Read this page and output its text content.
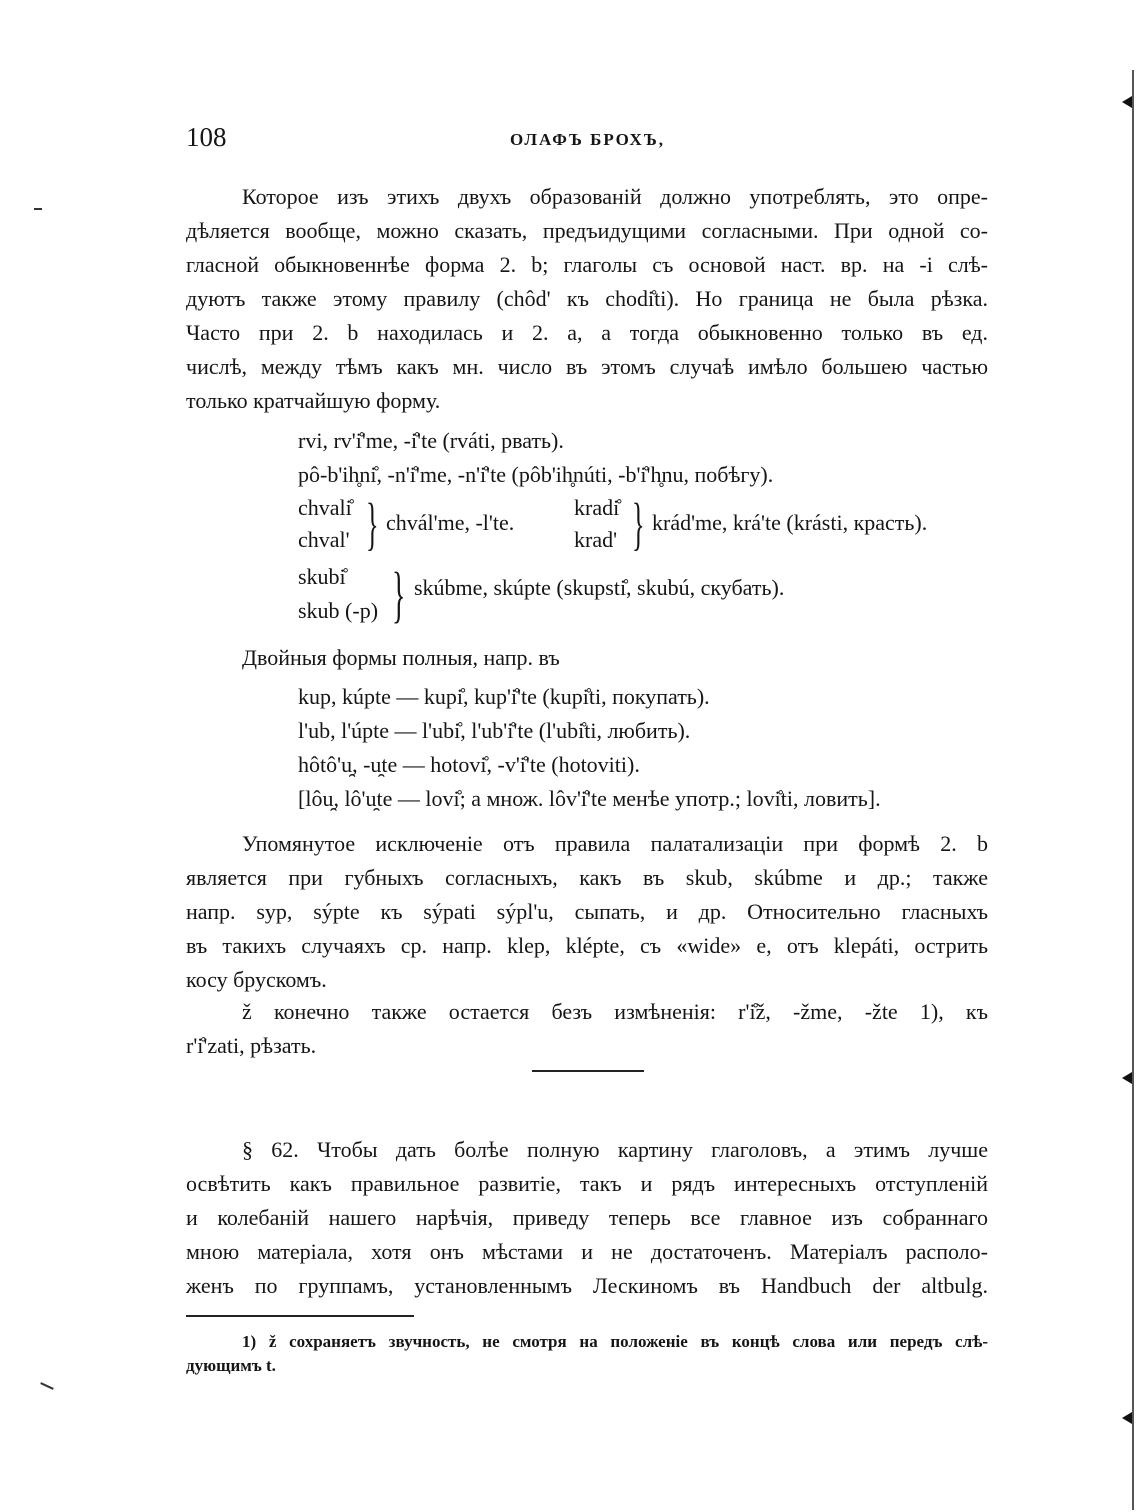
108	ОЛАФЪ БРОХЪ,
Которое изъ этихъ двухъ образованій должно употреблять, это опре-
дѣляется вообще, можно сказать, предъидущими согласными. При одной со-
гласной обыкновеннѣе форма 2. b; глаголы съ основой наст. вр. на -i слѣ-
дуютъ также этому правилу (chôd' къ chodi̊ti). Но граница не была рѣзка.
Часто при 2. b находилась и 2. a, а тогда обыкновенно только въ ед.
числѣ, между тѣмъ какъ мн. число въ этомъ случаѣ имѣло большею частью
только кратчайшую форму.
rvi, rv'i̊'me, -i̊'te (rváti, рвать).
pô-b'ih̥ni̊, -n'i̊'me, -n'i̊'te (pôb'ih̥núti, -b'i̊'h̥nu, побѣгу).
chvali̊
chval' } chvál'me, -l'te.
kradi̊
krad' } krád'me, krá'te (krásti, красть).
skubi̊
skub (-p) } skúbme, skúpte (skupsti̊, skubú, скубать).
Двойныя формы полныя, напр. въ
kup, kúpte — kupi̊, kup'i̊'te (kupi̊ti, покупать).
l'ub, l'úpte — l'ubi̊, l'ub'i̊'te (l'ubi̊ti, любить).
hôtô'u̯, -u̯te — hotovi̊, -v'i̊'te (hotoviti).
[lôu̯, lô'u̯te — lovi̊; а множ. lôv'i̊'te менѣе употр.; lovi̊ti, ловить].
Упомянутое исключеніе отъ правила палатализаціи при формѣ 2. b
является при губныхъ согласныхъ, какъ въ skub, skúbme и др.; также
напр. syp, sýpte къ sýpati sýpl'u, сыпать, и др. Относительно гласныхъ
въ такихъ случаяхъ ср. напр. klep, klépte, съ «wide» e, отъ klepáti, острить
косу брускомъ.
ž конечно также остается безъ измѣненія: r'i̊ž, -žme, -žte 1), къ
r'i̊'zati, рѣзать.
§ 62. Чтобы дать болѣе полную картину глаголовъ, а этимъ лучше
освѣтить какъ правильное развитіе, такъ и рядъ интересныхъ отступленій
и колебаній нашего нарѣчія, приведу теперь все главное изъ собраннаго
мною матеріала, хотя онъ мѣстами и не достаточенъ. Матеріалъ располо-
женъ по группамъ, установленнымъ Лескиномъ въ Handbuch der altbulg.
1) ž сохраняетъ звучность, не смотря на положеніе въ концѣ слова или передъ слѣ-
дующимъ t.
